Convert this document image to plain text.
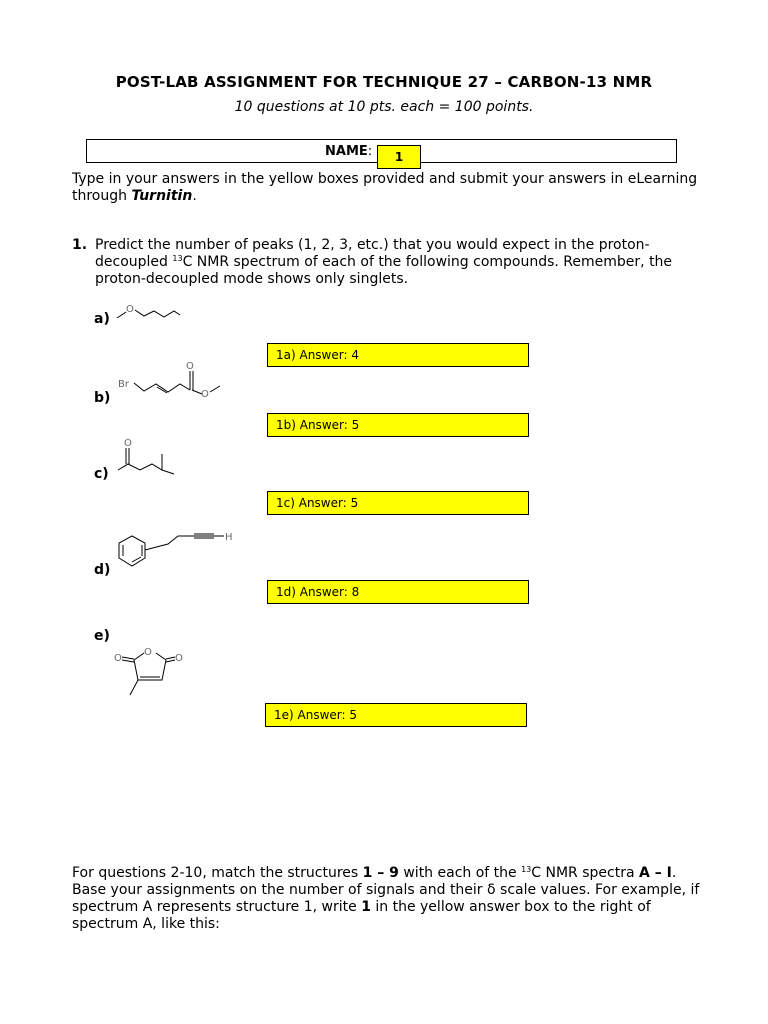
POST-LAB ASSIGNMENT FOR TECHNIQUE 27 – CARBON-13 NMR
10 questions at 10 pts. each = 100 points.
NAME:	1
Type in your answers in the yellow boxes provided and submit your answers in eLearning
through Turnitin.
1. Predict the number of peaks (1, 2, 3, etc.) that you would expect in the proton-
decoupled $^{13}$C NMR spectrum of each of the following compounds. Remember, the
proton-decoupled mode shows only singlets.
a)
b)
c)
d)
e)
1a) Answer: 4
1b) Answer: 5
1c) Answer: 5
1d) Answer: 8
1e) Answer: 5
O
Br
O
O
O
H
O
O
O
For questions 2-10, match the structures 1 – 9 with each of the $^{13}$C NMR spectra A – I.
Base your assignments on the number of signals and their δ scale values. For example, if
spectrum A represents structure 1, write 1 in the yellow answer box to the right of
spectrum A, like this:
